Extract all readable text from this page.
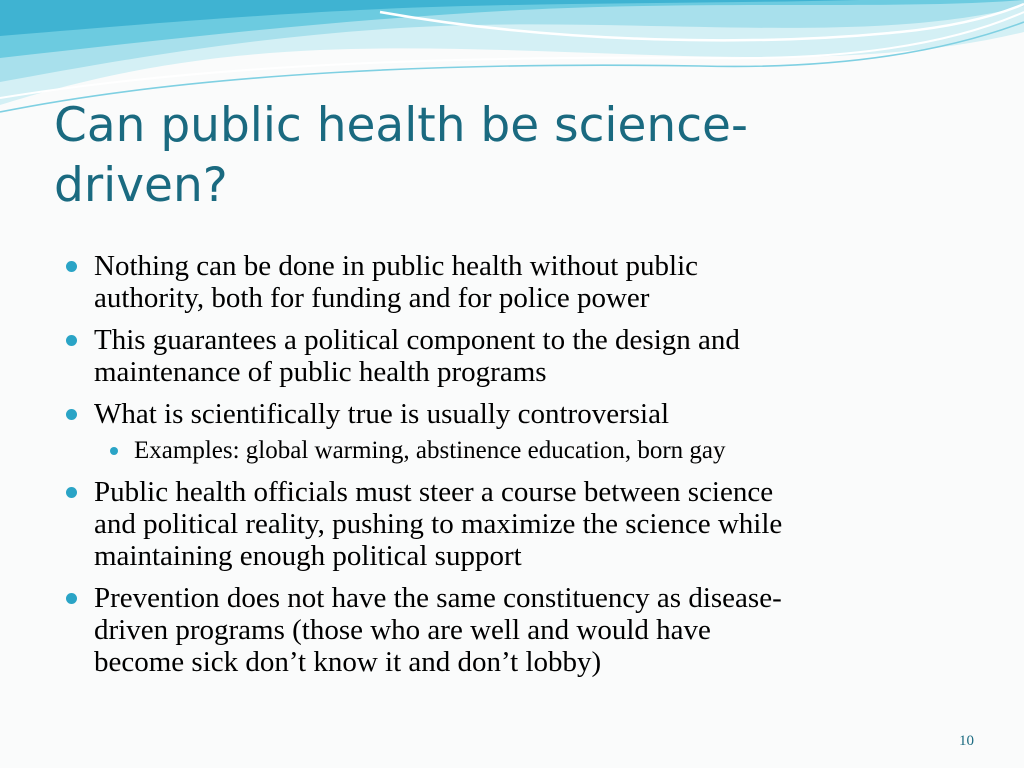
Can public health be science-
driven?
Nothing can be done in public health without public
authority, both for funding and for police power
This guarantees a political component to the design and
maintenance of public health programs
What is scientifically true is usually controversial
Examples: global warming, abstinence education, born gay
Public health officials must steer a course between science
and political reality, pushing to maximize the science while
maintaining enough political support
Prevention does not have the same constituency as disease-
driven programs (those who are well and would have
become sick don’t know it and don’t lobby)
10
